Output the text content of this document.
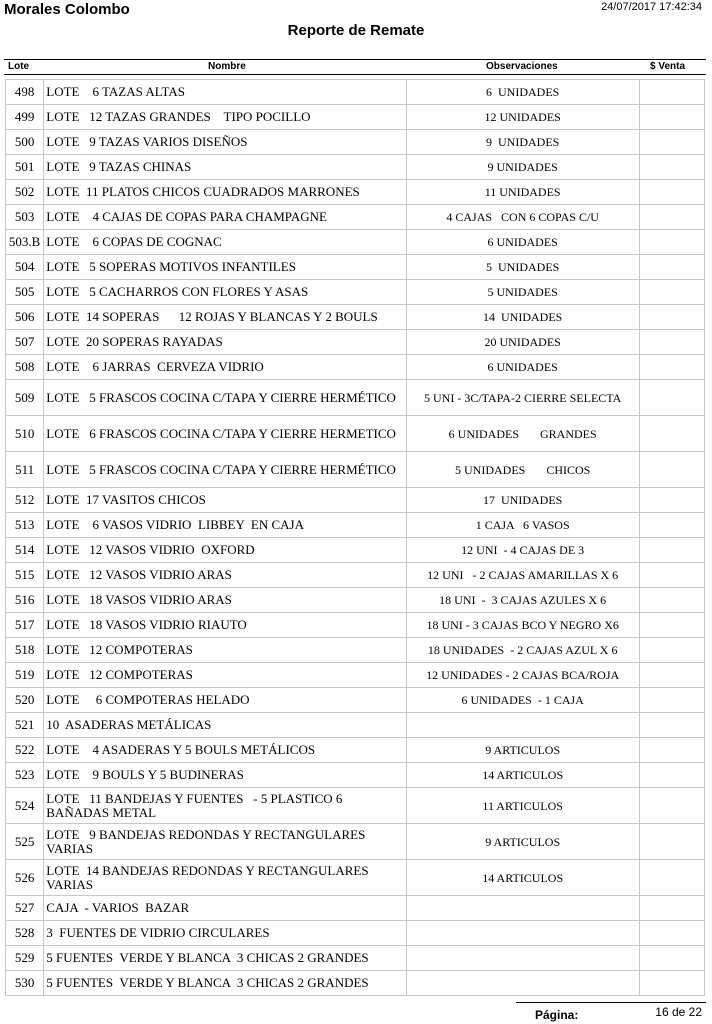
Morales Colombo	24/07/2017 17:42:34
Reporte de Remate
Lote	Nombre	Observaciones	$ Venta
498	LOTE    6 TAZAS ALTAS	6  UNIDADES	
499	LOTE   12 TAZAS GRANDES    TIPO POCILLO	12 UNIDADES	
500	LOTE   9 TAZAS VARIOS DISEÑOS	9  UNIDADES	
501	LOTE   9 TAZAS CHINAS	9 UNIDADES	
502	LOTE  11 PLATOS CHICOS CUADRADOS MARRONES	11 UNIDADES	
503	LOTE    4 CAJAS DE COPAS PARA CHAMPAGNE	4 CAJAS   CON 6 COPAS C/U	
503.B	LOTE    6 COPAS DE COGNAC	6 UNIDADES	
504	LOTE   5 SOPERAS MOTIVOS INFANTILES	5  UNIDADES	
505	LOTE   5 CACHARROS CON FLORES Y ASAS	5 UNIDADES	
506	LOTE  14 SOPERAS      12 ROJAS Y BLANCAS Y 2 BOULS	14  UNIDADES	
507	LOTE  20 SOPERAS RAYADAS	20 UNIDADES	
508	LOTE    6 JARRAS  CERVEZA VIDRIO	6 UNIDADES	
509	LOTE   5 FRASCOS COCINA C/TAPA Y CIERRE HERMÉTICO	5 UNI - 3C/TAPA-2 CIERRE SELECTA	
510	LOTE   6 FRASCOS COCINA C/TAPA Y CIERRE HERMETICO	6 UNIDADES       GRANDES	
511	LOTE   5 FRASCOS COCINA C/TAPA Y CIERRE HERMÉTICO	5 UNIDADES       CHICOS	
512	LOTE  17 VASITOS CHICOS	17  UNIDADES	
513	LOTE    6 VASOS VIDRIO  LIBBEY  EN CAJA	1 CAJA   6 VASOS	
514	LOTE   12 VASOS VIDRIO  OXFORD	12 UNI  - 4 CAJAS DE 3	
515	LOTE   12 VASOS VIDRIO ARAS	12 UNI   - 2 CAJAS AMARILLAS X 6	
516	LOTE   18 VASOS VIDRIO ARAS	18 UNI  -  3 CAJAS AZULES X 6	
517	LOTE   18 VASOS VIDRIO RIAUTO	18 UNI - 3 CAJAS BCO Y NEGRO X6	
518	LOTE   12 COMPOTERAS	18 UNIDADES  - 2 CAJAS AZUL X 6	
519	LOTE   12 COMPOTERAS	12 UNIDADES - 2 CAJAS BCA/ROJA	
520	LOTE     6 COMPOTERAS HELADO	6 UNIDADES  - 1 CAJA	
521	10  ASADERAS METÁLICAS		
522	LOTE    4 ASADERAS Y 5 BOULS METÁLICOS	9 ARTICULOS	
523	LOTE    9 BOULS Y 5 BUDINERAS	14 ARTICULOS	
524	LOTE   11 BANDEJAS Y FUENTES   - 5 PLASTICO 6 BAÑADAS METAL	11 ARTICULOS	
525	LOTE   9 BANDEJAS REDONDAS Y RECTANGULARES VARIAS	9 ARTICULOS	
526	LOTE  14 BANDEJAS REDONDAS Y RECTANGULARES VARIAS	14 ARTICULOS	
527	CAJA  - VARIOS  BAZAR		
528	3  FUENTES DE VIDRIO CIRCULARES		
529	5 FUENTES  VERDE Y BLANCA  3 CHICAS 2 GRANDES		
530	5 FUENTES  VERDE Y BLANCA  3 CHICAS 2 GRANDES		
Página:	16 de 22
